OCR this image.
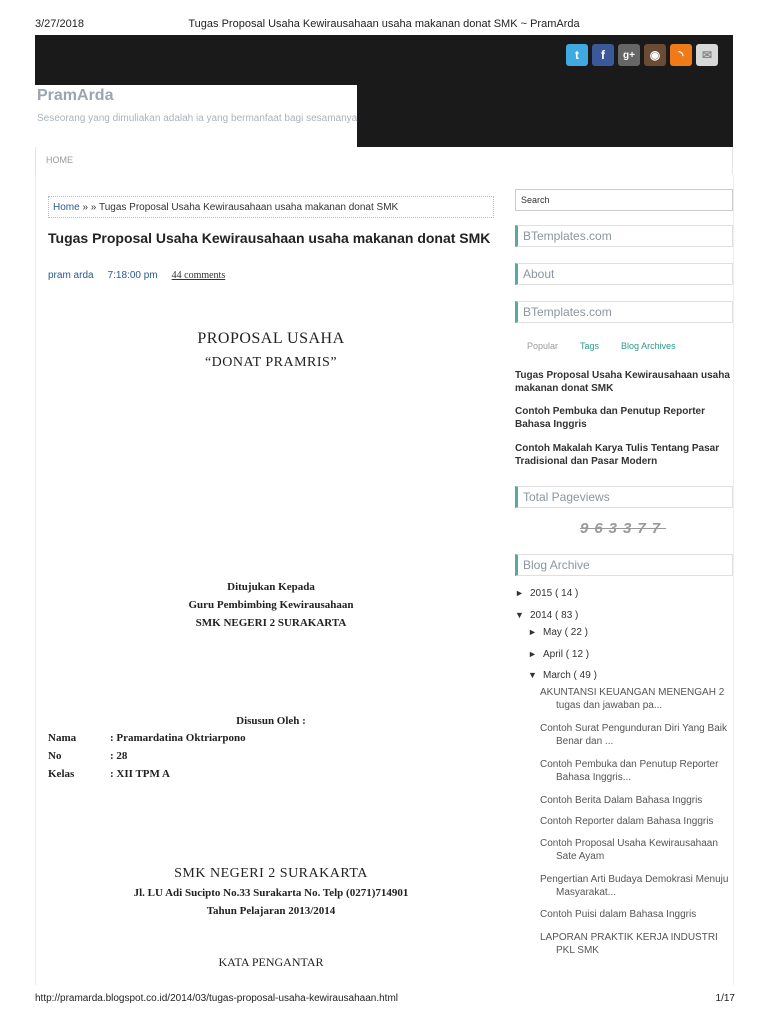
3/27/2018	Tugas Proposal Usaha Kewirausahaan usaha makanan donat SMK ~ PramArda
PramArda
Seseorang yang dimuliakan adalah ia yang bermanfaat bagi sesamanya
t	f	g+	◉	◝	✉
HOME
Home » » Tugas Proposal Usaha Kewirausahaan usaha makanan donat SMK
Tugas Proposal Usaha Kewirausahaan usaha makanan donat SMK
pram arda 7:18:00 pm 44 comments
PROPOSAL USAHA
“DONAT PRAMRIS”
Ditujukan Kepada
Guru Pembimbing Kewirausahaan
SMK NEGERI 2 SURAKARTA
Disusun Oleh :
Nama	: Pramardatina Oktriarpono
No	: 28
Kelas	: XII TPM A
SMK NEGERI 2 SURAKARTA
Jl. LU Adi Sucipto No.33 Surakarta No. Telp (0271)714901
Tahun Pelajaran 2013/2014
KATA PENGANTAR
Search
BTemplates.com
About
BTemplates.com
Popular Tags Blog Archives
Tugas Proposal Usaha Kewirausahaan usaha makanan donat SMK
Contoh Pembuka dan Penutup Reporter Bahasa Inggris
Contoh Makalah Karya Tulis Tentang Pasar Tradisional dan Pasar Modern
Total Pageviews
963377
Blog Archive
► 2015 ( 14 )
▼ 2014 ( 83 )
► May ( 22 )
► April ( 12 )
▼ March ( 49 )
AKUNTANSI KEUANGAN MENENGAH 2
tugas dan jawaban pa...
Contoh Surat Pengunduran Diri Yang Baik
Benar dan ...
Contoh Pembuka dan Penutup Reporter
Bahasa Inggris...
Contoh Berita Dalam Bahasa Inggris
Contoh Reporter dalam Bahasa Inggris
Contoh Proposal Usaha Kewirausahaan
Sate Ayam
Pengertian Arti Budaya Demokrasi Menuju
Masyarakat...
Contoh Puisi dalam Bahasa Inggris
LAPORAN PRAKTIK KERJA INDUSTRI
PKL SMK
http://pramarda.blogspot.co.id/2014/03/tugas-proposal-usaha-kewirausahaan.html	1/17
